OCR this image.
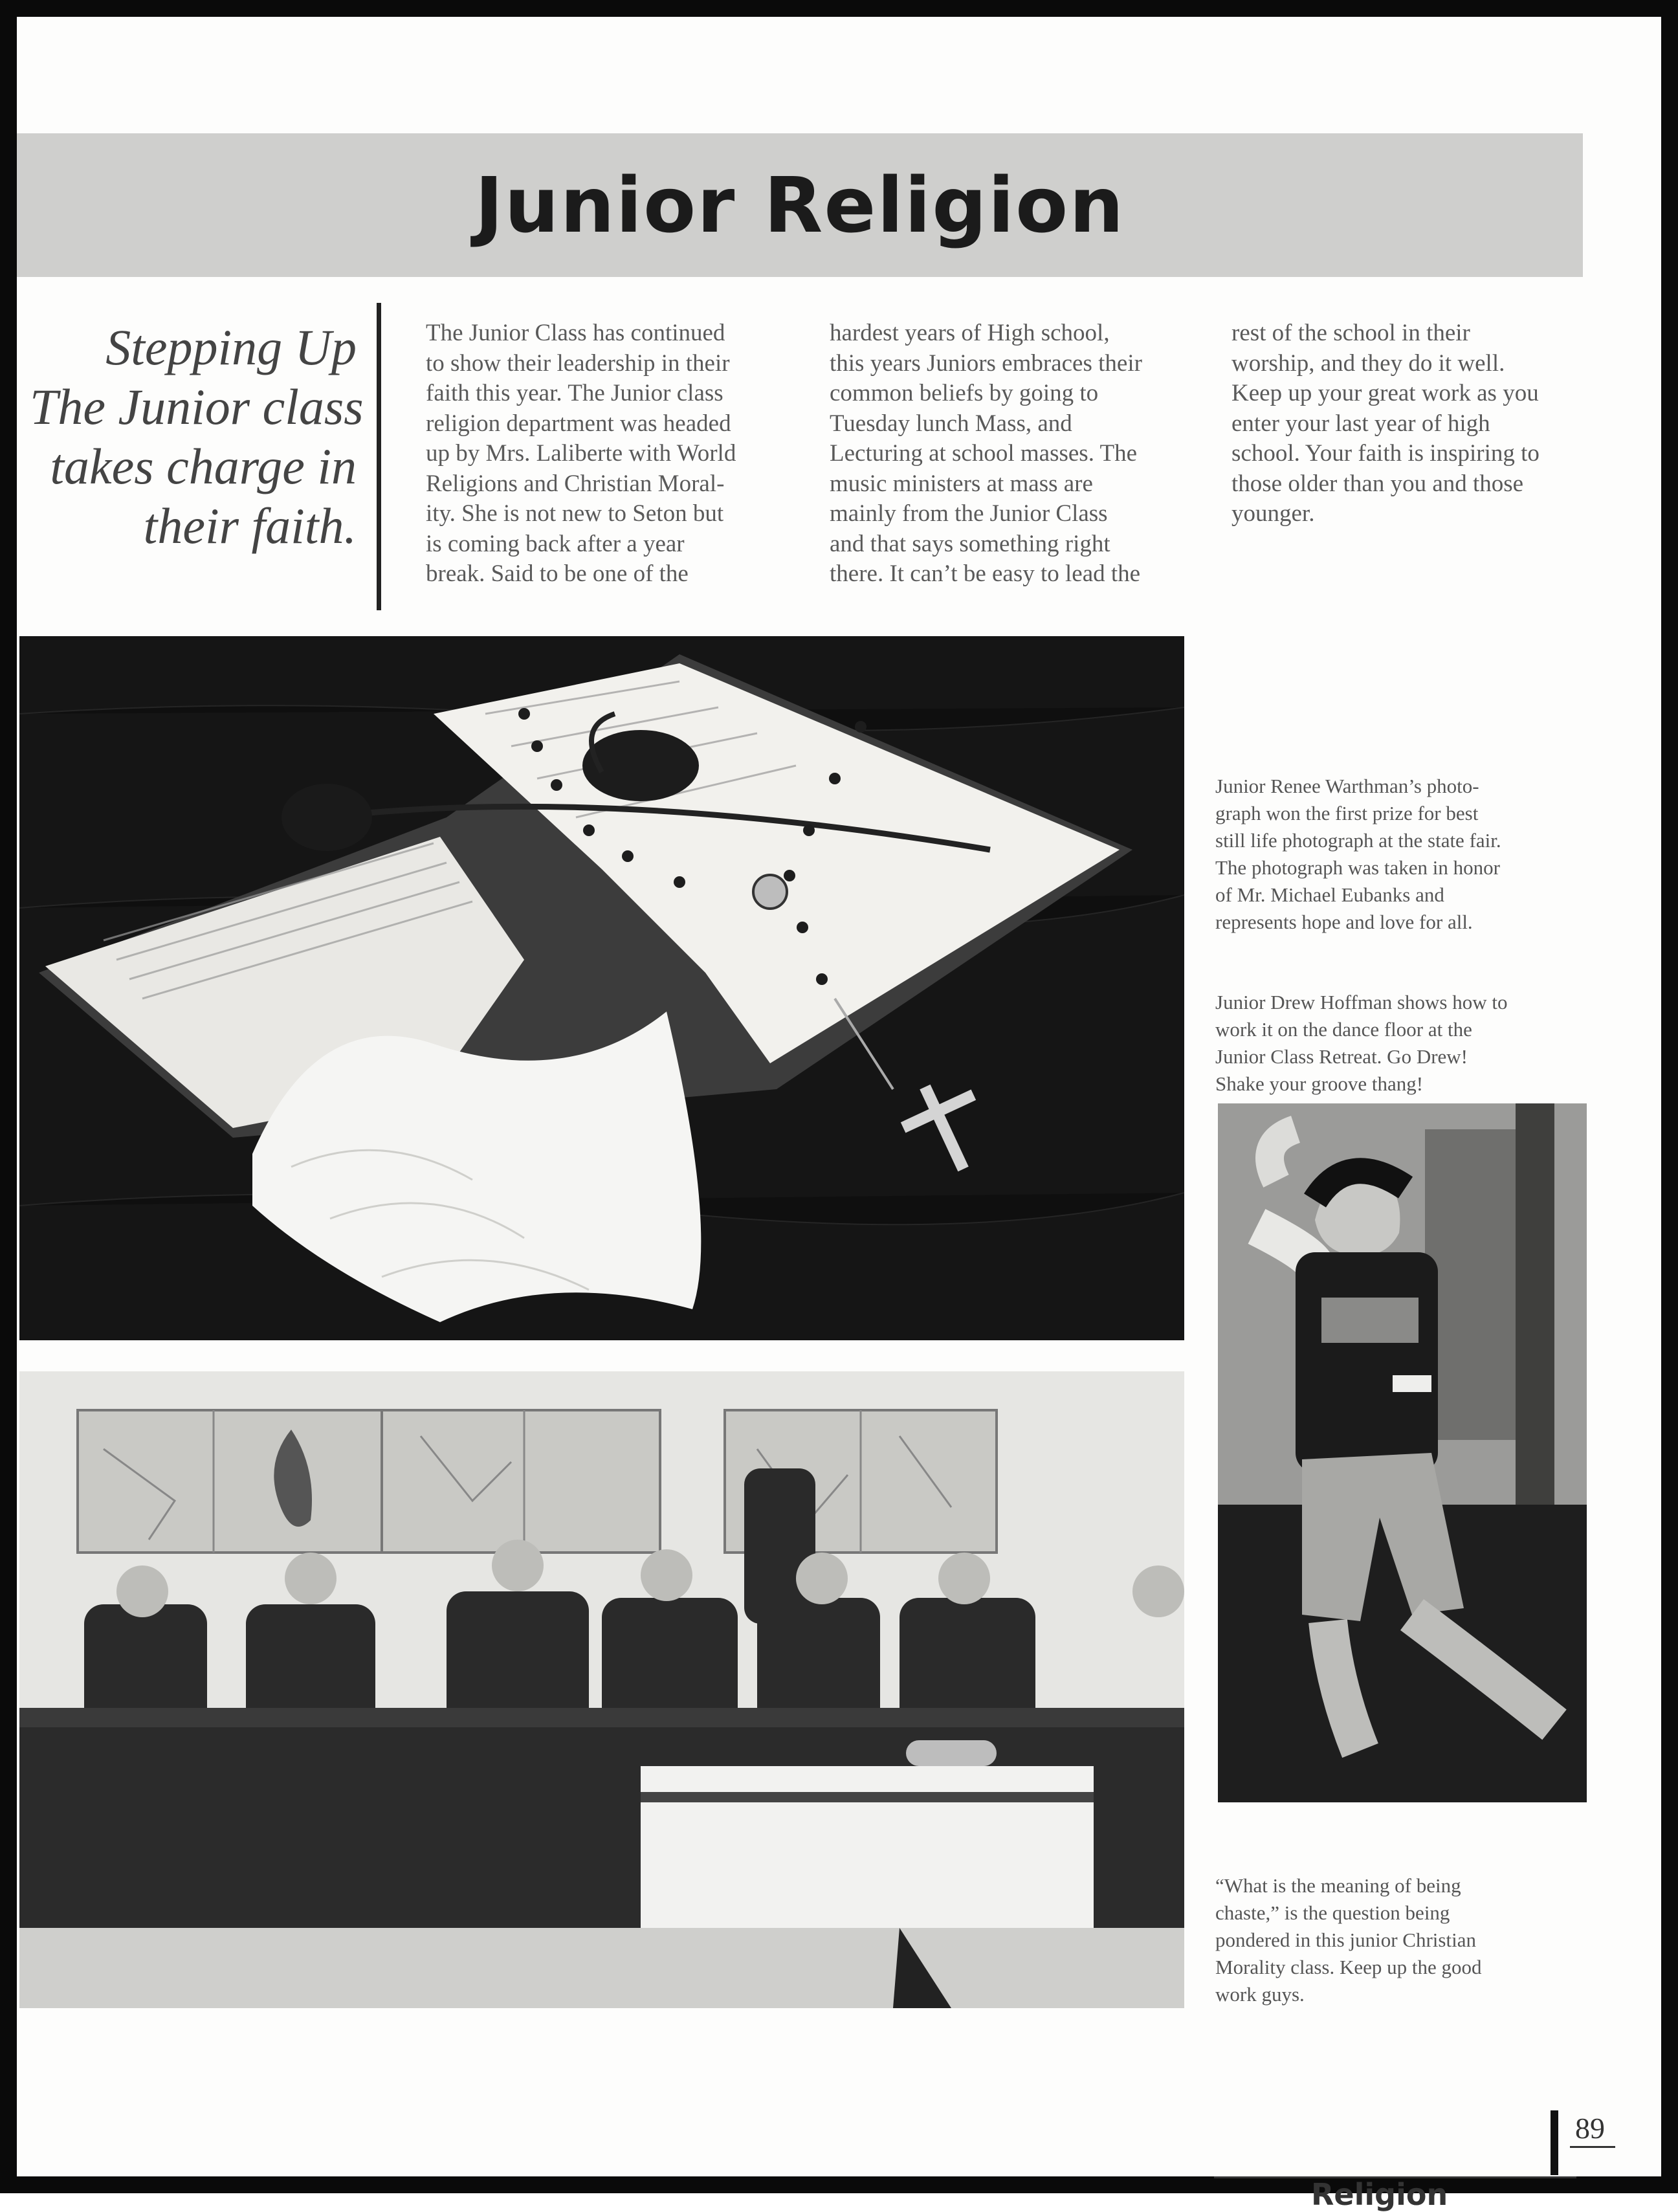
Junior Religion
Stepping Up
The Junior class
takes charge in
their faith.
The Junior Class has continued
to show their leadership in their
faith this year. The Junior class
religion department was headed
up by Mrs. Laliberte with World
Religions and Christian Moral-
ity. She is not new to Seton but
is coming back after a year
break. Said to be one of the
hardest years of High school,
this years Juniors embraces their
common beliefs by going to
Tuesday lunch Mass, and
Lecturing at school masses. The
music ministers at mass are
mainly from the Junior Class
and that says something right
there. It can’t be easy to lead the
rest of the school in their
worship, and they do it well.
Keep up your great work as you
enter your last year of high
school. Your faith is inspiring to
those older than you and those
younger.
Junior Renee Warthman’s photo-
graph won the first prize for best
still life photograph at the state fair.
The photograph was taken in honor
of Mr. Michael Eubanks and
represents hope and love for all.
Junior Drew Hoffman shows how to
work it on the dance floor at the
Junior Class Retreat. Go Drew!
Shake your groove thang!
“What is the meaning of being
chaste,” is the question being
pondered in this junior Christian
Morality class. Keep up the good
work guys.
89
Religion
